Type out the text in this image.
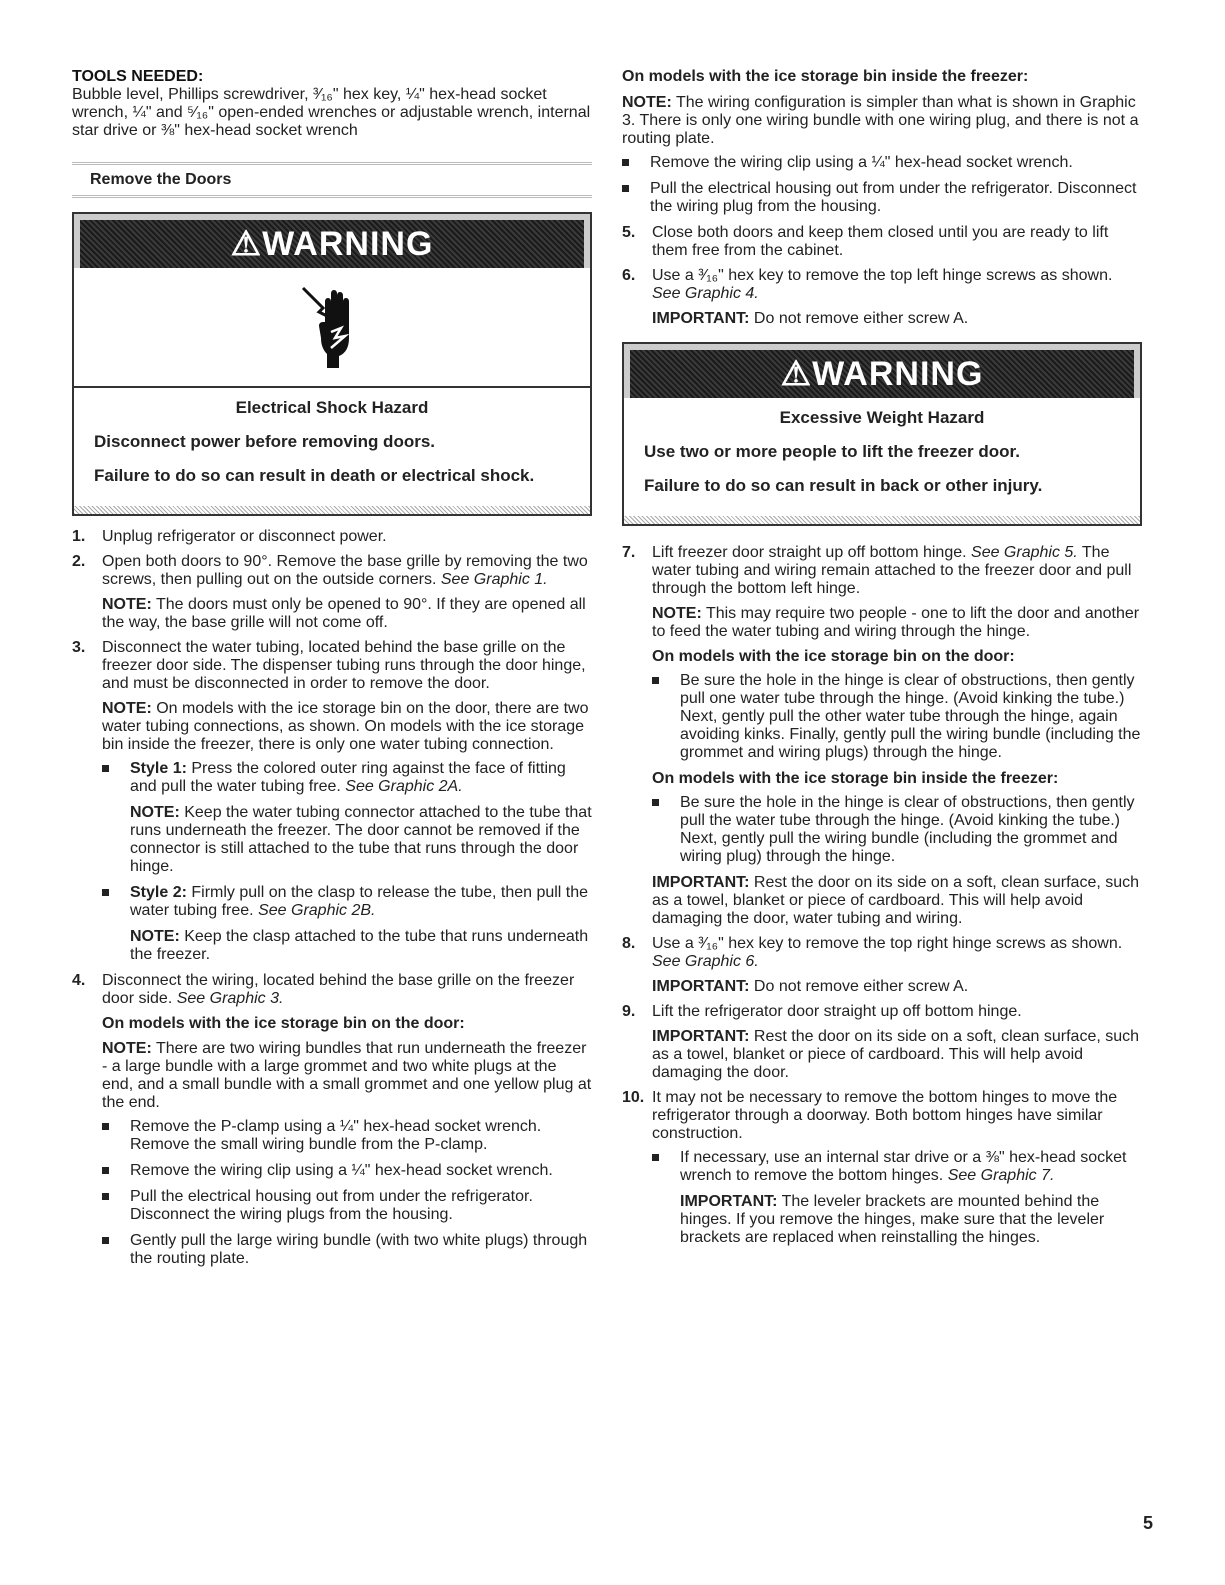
TOOLS NEEDED:

Bubble level, Phillips screwdriver, ³⁄₁₆" hex key, ¼" hex-head socket wrench, ¼" and ⁵⁄₁₆" open-ended wrenches or adjustable wrench, internal star drive or ⅜" hex-head socket wrench

Remove the Doors
⚠WARNING

Electrical Shock Hazard

Disconnect power before removing doors.

Failure to do so can result in death or electrical shock.

1. Unplug refrigerator or disconnect power.
2. Open both doors to 90°. Remove the base grille by removing the two screws, then pulling out on the outside corners. See Graphic 1.

NOTE: The doors must only be opened to 90°. If they are opened all the way, the base grille will not come off.

3. Disconnect the water tubing, located behind the base grille on the freezer door side. The dispenser tubing runs through the door hinge, and must be disconnected in order to remove the door.

NOTE: On models with the ice storage bin on the door, there are two water tubing connections, as shown. On models with the ice storage bin inside the freezer, there is only one water tubing connection.

Style 1: Press the colored outer ring against the face of fitting and pull the water tubing free. See Graphic 2A.

NOTE: Keep the water tubing connector attached to the tube that runs underneath the freezer. The door cannot be removed if the connector is still attached to the tube that runs through the door hinge.

Style 2: Firmly pull on the clasp to release the tube, then pull the water tubing free. See Graphic 2B.

NOTE: Keep the clasp attached to the tube that runs underneath the freezer.

4. Disconnect the wiring, located behind the base grille on the freezer door side. See Graphic 3.

On models with the ice storage bin on the door:

NOTE: There are two wiring bundles that run underneath the freezer - a large bundle with a large grommet and two white plugs at the end, and a small bundle with a small grommet and one yellow plug at the end.

Remove the P-clamp using a ¼" hex-head socket wrench. Remove the small wiring bundle from the P-clamp.
Remove the wiring clip using a ¼" hex-head socket wrench.
Pull the electrical housing out from under the refrigerator. Disconnect the wiring plugs from the housing.
Gently pull the large wiring bundle (with two white plugs) through the routing plate.

On models with the ice storage bin inside the freezer:

NOTE: The wiring configuration is simpler than what is shown in Graphic 3. There is only one wiring bundle with one wiring plug, and there is not a routing plate.

Remove the wiring clip using a ¼" hex-head socket wrench.
Pull the electrical housing out from under the refrigerator. Disconnect the wiring plug from the housing.
5. Close both doors and keep them closed until you are ready to lift them free from the cabinet.
6. Use a ³⁄₁₆" hex key to remove the top left hinge screws as shown. See Graphic 4.

IMPORTANT: Do not remove either screw A.

⚠WARNING

Excessive Weight Hazard

Use two or more people to lift the freezer door.

Failure to do so can result in back or other injury.

7. Lift freezer door straight up off bottom hinge. See Graphic 5. The water tubing and wiring remain attached to the freezer door and pull through the bottom left hinge.

NOTE: This may require two people - one to lift the door and another to feed the water tubing and wiring through the hinge.

On models with the ice storage bin on the door:

Be sure the hole in the hinge is clear of obstructions, then gently pull one water tube through the hinge. (Avoid kinking the tube.) Next, gently pull the other water tube through the hinge, again avoiding kinks. Finally, gently pull the wiring bundle (including the grommet and wiring plugs) through the hinge.

On models with the ice storage bin inside the freezer:

Be sure the hole in the hinge is clear of obstructions, then gently pull the water tube through the hinge. (Avoid kinking the tube.) Next, gently pull the wiring bundle (including the grommet and wiring plug) through the hinge.

IMPORTANT: Rest the door on its side on a soft, clean surface, such as a towel, blanket or piece of cardboard. This will help avoid damaging the door, water tubing and wiring.

8. Use a ³⁄₁₆" hex key to remove the top right hinge screws as shown. See Graphic 6.

IMPORTANT: Do not remove either screw A.

9. Lift the refrigerator door straight up off bottom hinge.

IMPORTANT: Rest the door on its side on a soft, clean surface, such as a towel, blanket or piece of cardboard. This will help avoid damaging the door.

10. It may not be necessary to remove the bottom hinges to move the refrigerator through a doorway. Both bottom hinges have similar construction.
If necessary, use an internal star drive or a ⅜" hex-head socket wrench to remove the bottom hinges. See Graphic 7.

IMPORTANT: The leveler brackets are mounted behind the hinges. If you remove the hinges, make sure that the leveler brackets are replaced when reinstalling the hinges.

5
